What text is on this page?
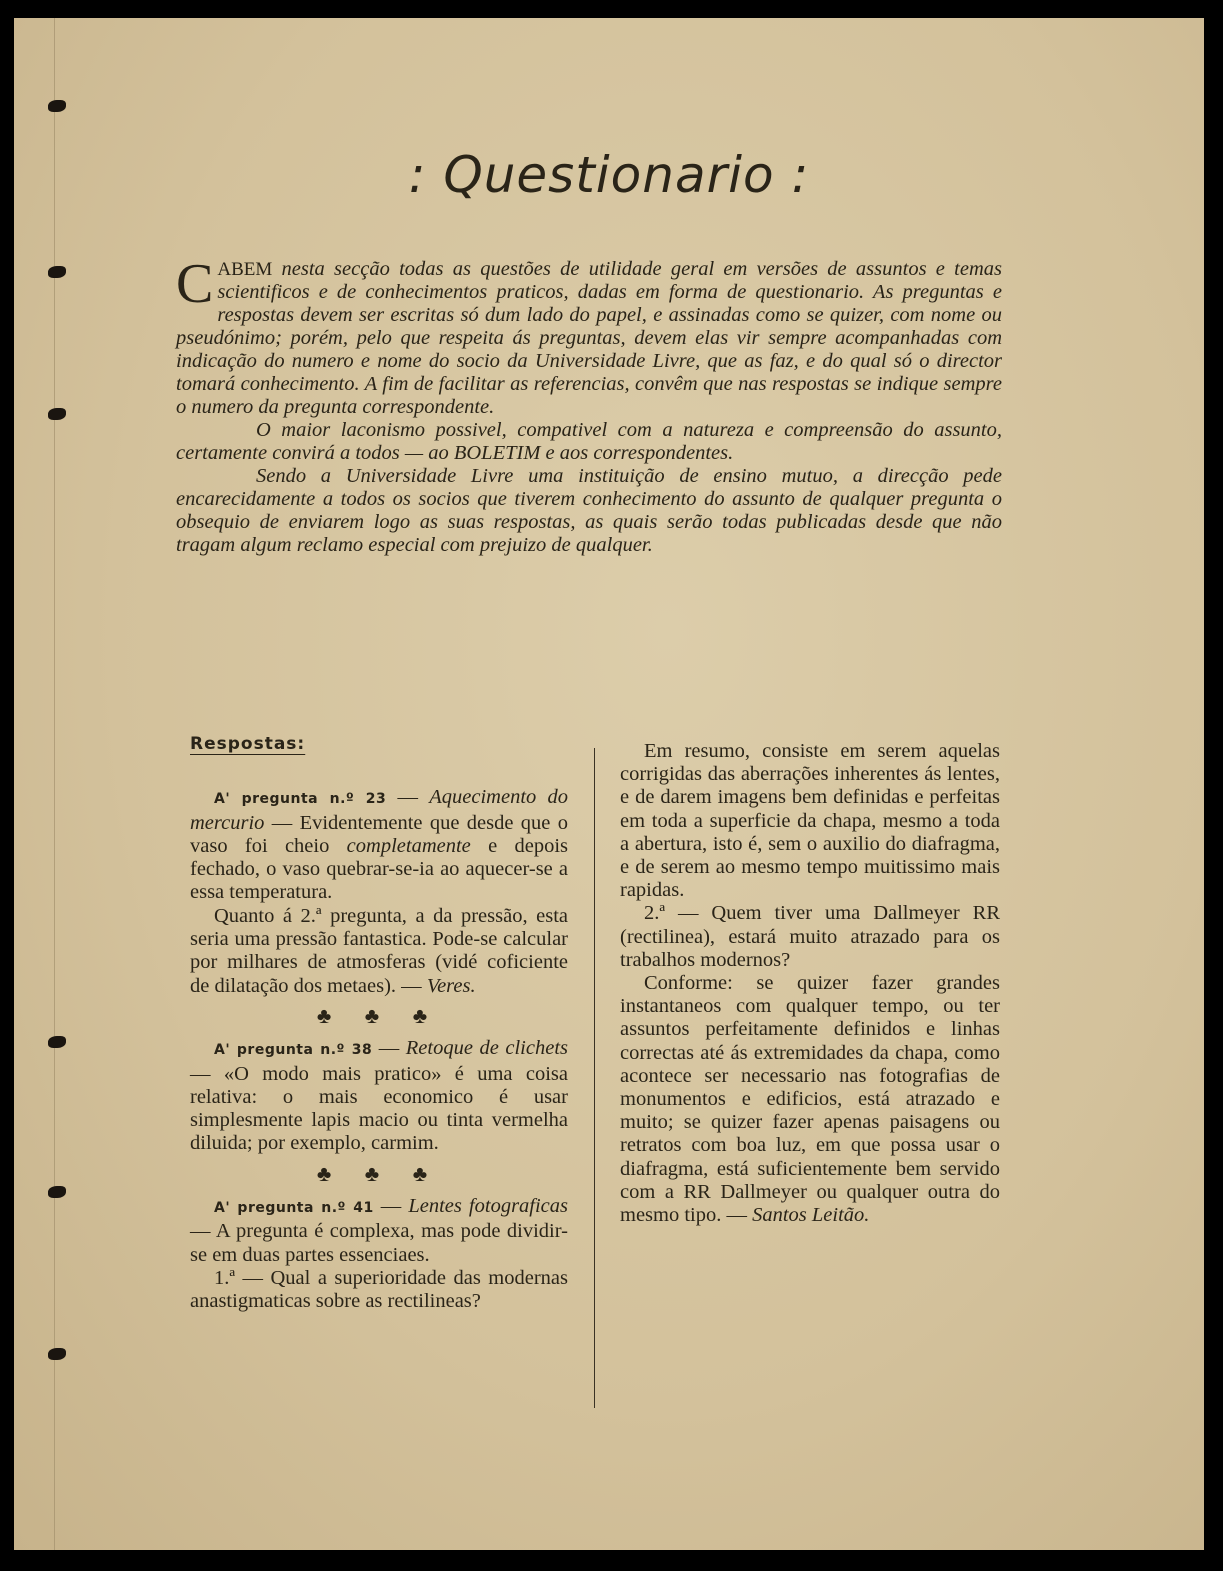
: Questionario :

CABEM nesta secção todas as questões de utilidade geral em versões de assuntos e temas scientificos e de conhecimentos praticos, dadas em forma de questionario. As preguntas e respostas devem ser escritas só dum lado do papel, e assinadas como se quizer, com nome ou pseudónimo; porém, pelo que respeita ás preguntas, devem elas vir sempre acompanhadas com indicação do numero e nome do socio da Universidade Livre, que as faz, e do qual só o director tomará conhecimento. A fim de facilitar as referencias, convêm que nas respostas se indique sempre o numero da pregunta correspondente.

O maior laconismo possivel, compativel com a natureza e compreensão do assunto, certamente convirá a todos — ao BOLETIM e aos correspondentes.

Sendo a Universidade Livre uma instituição de ensino mutuo, a direcção pede encarecidamente a todos os socios que tiverem conhecimento do assunto de qualquer pregunta o obsequio de enviarem logo as suas respostas, as quais serão todas publicadas desde que não tragam algum reclamo especial com prejuizo de qualquer.

Respostas:

A' pregunta n.º 23 — Aquecimento do mercurio — Evidentemente que desde que o vaso foi cheio completamente e depois fechado, o vaso quebrar-se-ia ao aquecer-se a essa temperatura.

Quanto á 2.ª pregunta, a da pressão, esta seria uma pressão fantastica. Pode-se calcular por milhares de atmosferas (vidé coficiente de dilatação dos metaes). — Veres.

♣ ♣ ♣

A' pregunta n.º 38 — Retoque de clichets — «O modo mais pratico» é uma coisa relativa: o mais economico é usar simplesmente lapis macio ou tinta vermelha diluida; por exemplo, carmim.

♣ ♣ ♣

A' pregunta n.º 41 — Lentes fotograficas — A pregunta é complexa, mas pode dividir-se em duas partes essenciaes.

1.ª — Qual a superioridade das modernas anastigmaticas sobre as rectilineas?

Em resumo, consiste em serem aquelas corrigidas das aberrações inherentes ás lentes, e de darem imagens bem definidas e perfeitas em toda a superficie da chapa, mesmo a toda a abertura, isto é, sem o auxilio do diafragma, e de serem ao mesmo tempo muitissimo mais rapidas.

2.ª — Quem tiver uma Dallmeyer RR (rectilinea), estará muito atrazado para os trabalhos modernos?

Conforme: se quizer fazer grandes instantaneos com qualquer tempo, ou ter assuntos perfeitamente definidos e linhas correctas até ás extremidades da chapa, como acontece ser necessario nas fotografias de monumentos e edificios, está atrazado e muito; se quizer fazer apenas paisagens ou retratos com boa luz, em que possa usar o diafragma, está suficientemente bem servido com a RR Dallmeyer ou qualquer outra do mesmo tipo. — Santos Leitão.
